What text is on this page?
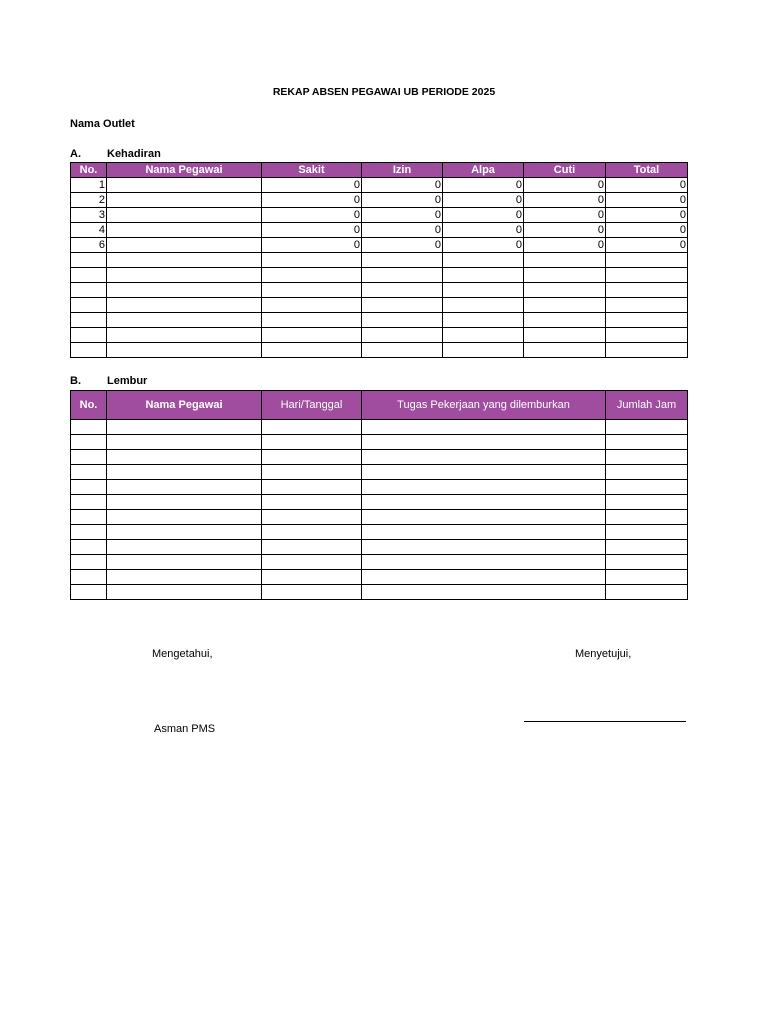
REKAP ABSEN PEGAWAI UB PERIODE 2025
Nama Outlet
A. Kehadiran
No.	Nama Pegawai	Sakit	Izin	Alpa	Cuti	Total
1		0	0	0	0	0
2		0	0	0	0	0
3		0	0	0	0	0
4		0	0	0	0	0
6		0	0	0	0	0

B. Lembur
No.	Nama Pegawai	Hari/Tanggal	Tugas Pekerjaan yang dilemburkan	Jumlah Jam

Mengetahui,	Menyetujui,
Asman PMS
